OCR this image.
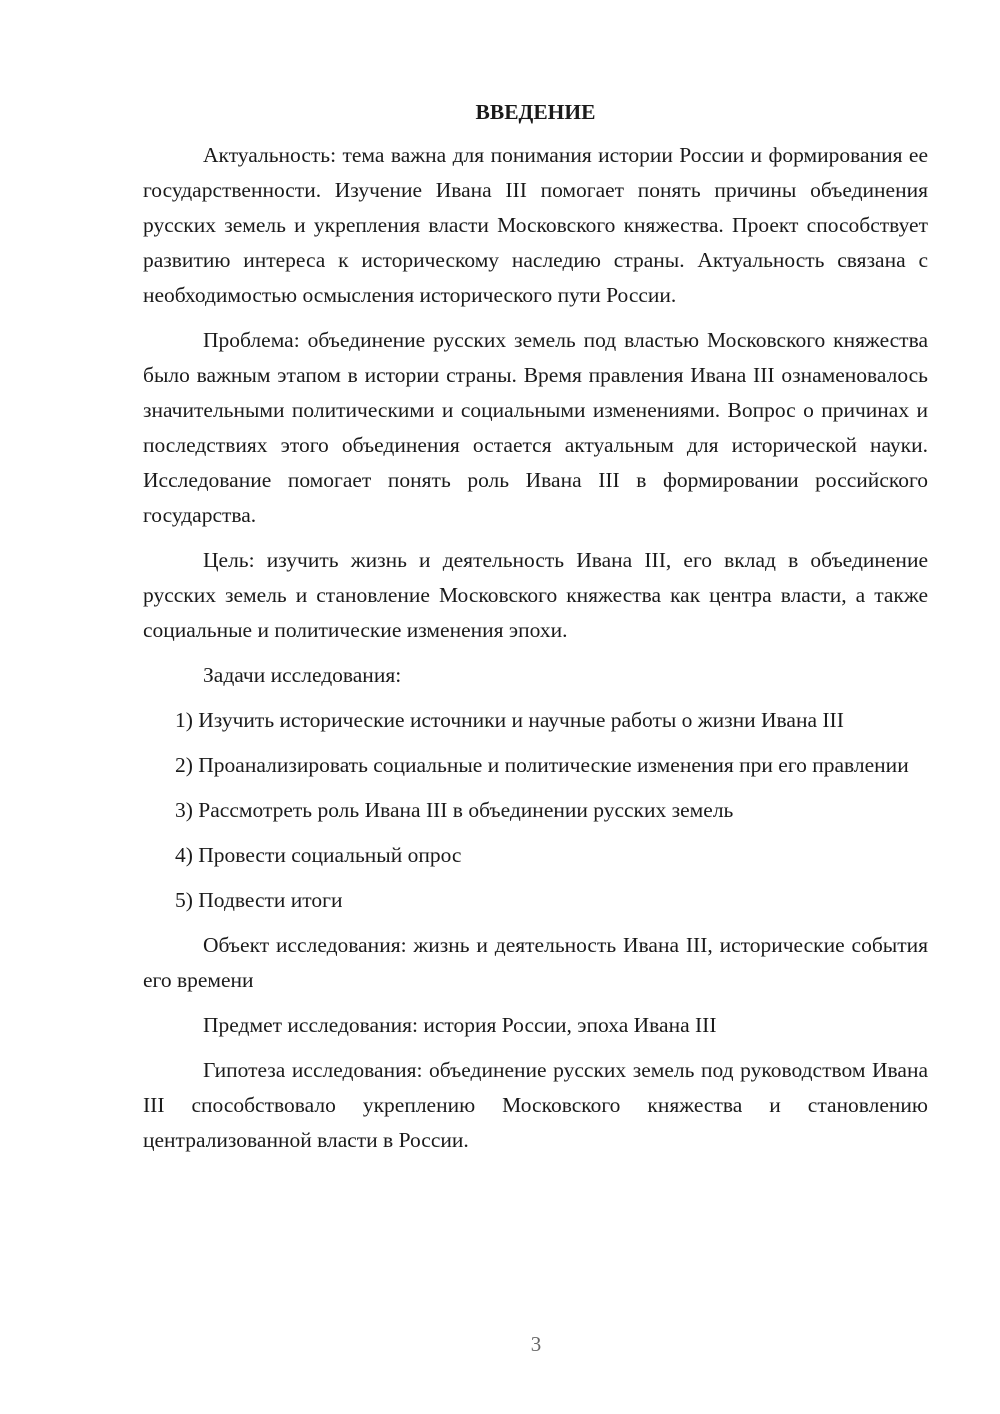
ВВЕДЕНИЕ

Актуальность: тема важна для понимания истории России и формирования ее государственности. Изучение Ивана III помогает понять причины объединения русских земель и укрепления власти Московского княжества. Проект способствует развитию интереса к историческому наследию страны. Актуальность связана с необходимостью осмысления исторического пути России.

Проблема: объединение русских земель под властью Московского княжества было важным этапом в истории страны. Время правления Ивана III ознаменовалось значительными политическими и социальными изменениями. Вопрос о причинах и последствиях этого объединения остается актуальным для исторической науки. Исследование помогает понять роль Ивана III в формировании российского государства.

Цель: изучить жизнь и деятельность Ивана III, его вклад в объединение русских земель и становление Московского княжества как центра власти, а также социальные и политические изменения эпохи.

Задачи исследования:

1) Изучить исторические источники и научные работы о жизни Ивана III

2) Проанализировать социальные и политические изменения при его правлении

3) Рассмотреть роль Ивана III в объединении русских земель

4) Провести социальный опрос

5) Подвести итоги

Объект исследования: жизнь и деятельность Ивана III, исторические события его времени

Предмет исследования: история России, эпоха Ивана III

Гипотеза исследования: объединение русских земель под руководством Ивана III способствовало укреплению Московского княжества и становлению централизованной власти в России.

3
